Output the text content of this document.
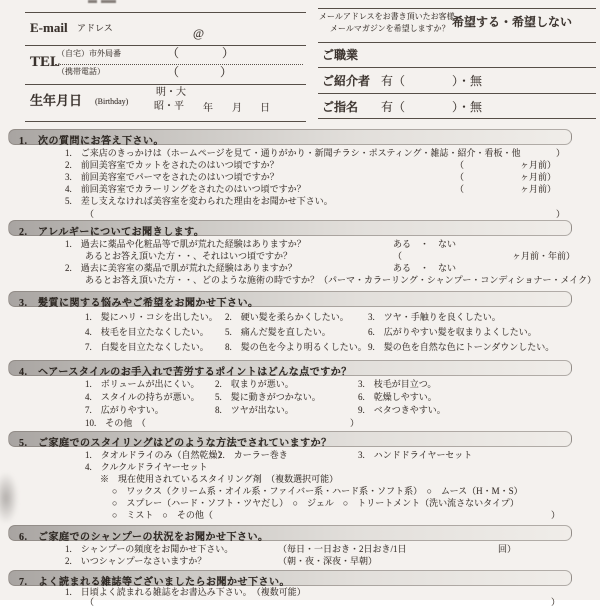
E-mail アドレス	@
TEL
（自宅）市外局番	（	）
（携帯電話）	（	）
生年月日 (Birthday)
明・大
昭・平 年 月 日
メールアドレスをお書き頂いたお客様
メールマガジンを希望しますか？ 希望する・希望しない
ご職業
ご紹介者 有（	）・無
ご指名 有（	）・無
1.　次の質問にお答え下さい。
1.　ご来店のきっかけは（ホームページを見て・通りがかり・新聞チラシ・ポスティング・雑誌・紹介・看板・他	）
2.　前回美容室でカットをされたのはいつ頃ですか？	（	ヶ月前）
3.　前回美容室でパーマをされたのはいつ頃ですか？	（	ヶ月前）
4.　前回美容室でカラーリングをされたのはいつ頃ですか？	（	ヶ月前）
5.　差し支えなければ美容室を変わられた理由をお聞かせ下さい。
（	）
2.　アレルギーについてお聞きします。
1.　過去に薬品や化粧品等で肌が荒れた経験はありますか？	ある　・　ない
あるとお答え頂いた方・・、それはいつ頃ですか？	（	ヶ月前・年前）
2.　過去に美容室の薬品で肌が荒れた経験はありますか？	ある　・　ない
あるとお答え頂いた方・・、どのような施術の時ですか？（パーマ・カラーリング・シャンプー・コンディショナー・メイク）
3.　髪質に関する悩みやご希望をお聞かせ下さい。
1.　髪にハリ・コシを出したい。 2.　硬い髪を柔らかくしたい。 3.　ツヤ・手触りを良くしたい。
4.　枝毛を目立たなくしたい。 5.　痛んだ髪を直したい。	6.　広がりやすい髪を収まりよくしたい。
7.　白髪を目立たなくしたい。 8.　髪の色を今より明るくしたい。 9.　髪の色を自然な色にトーンダウンしたい。
4.　ヘアースタイルのお手入れで苦労するポイントはどんな点ですか？
1.　ボリュームが出にくい。 2.　収まりが悪い。	3.　枝毛が目立つ。
4.　スタイルの持ちが悪い。 5.　髪に動きがつかない。	6.　乾燥しやすい。
7.　広がりやすい。	8.　ツヤが出ない。	9.　ベタつきやすい。
10.　その他　（	）
5.　ご家庭でのスタイリングはどのような方法でされていますか？
1.　タオルドライのみ（自然乾燥）
2.　カーラー巻き	3.　ハンドドライヤーセット
4.　クルクルドライヤーセット
※　現在使用されているスタイリング剤　（複数選択可能）
○　ワックス（クリーム系・オイル系・ファイバー系・ハード系・ソフト系）　○　ムース（H・M・S）
○　スプレー（ハード・ソフト・ツヤだし）　○　ジェル　○　トリートメント（洗い流さないタイプ）
○　ミスト　○　その他（	）
6.　ご家庭でのシャンプーの状況をお聞かせ下さい。
1.　シャンプーの頻度をお聞かせ下さい。	（毎日・一日おき・2日おき/1日	回）
2.　いつシャンプーなさいますか？	（朝・夜・深夜・早朝）
7.　よく読まれる雑誌等ございましたらお聞かせ下さい。
1.　日頃よく読まれる雑誌をお書込み下さい。　（複数可能）
（	）
